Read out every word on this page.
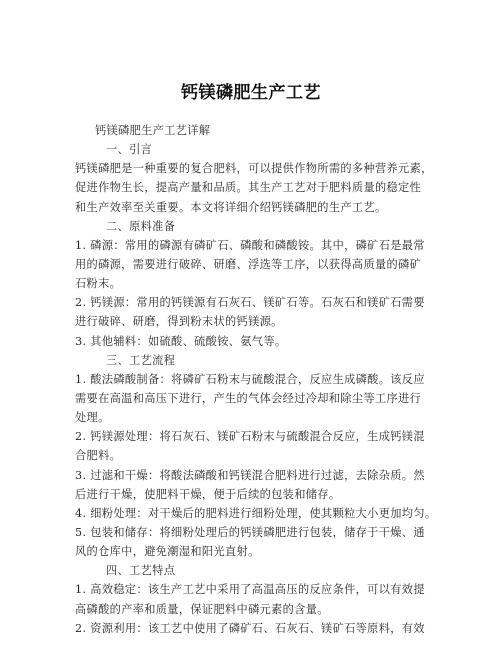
钙镁磷肥生产工艺
钙镁磷肥生产工艺详解
一、引言
钙镁磷肥是一种重要的复合肥料，可以提供作物所需的多种营养元素，
促进作物生长，提高产量和品质。其生产工艺对于肥料质量的稳定性
和生产效率至关重要。本文将详细介绍钙镁磷肥的生产工艺。
二、原料准备
1. 磷源：常用的磷源有磷矿石、磷酸和磷酸铵。其中，磷矿石是最常
用的磷源，需要进行破碎、研磨、浮选等工序，以获得高质量的磷矿
石粉末。
2. 钙镁源：常用的钙镁源有石灰石、镁矿石等。石灰石和镁矿石需要
进行破碎、研磨，得到粉末状的钙镁源。
3. 其他辅料：如硫酸、硫酸铵、氨气等。
三、工艺流程
1. 酸法磷酸制备：将磷矿石粉末与硫酸混合，反应生成磷酸。该反应
需要在高温和高压下进行，产生的气体会经过冷却和除尘等工序进行
处理。
2. 钙镁源处理：将石灰石、镁矿石粉末与硫酸混合反应，生成钙镁混
合肥料。
3. 过滤和干燥：将酸法磷酸和钙镁混合肥料进行过滤，去除杂质。然
后进行干燥，使肥料干燥，便于后续的包装和储存。
4. 细粉处理：对干燥后的肥料进行细粉处理，使其颗粒大小更加均匀。
5. 包装和储存：将细粉处理后的钙镁磷肥进行包装，储存于干燥、通
风的仓库中，避免潮湿和阳光直射。
四、工艺特点
1. 高效稳定：该生产工艺中采用了高温高压的反应条件，可以有效提
高磷酸的产率和质量，保证肥料中磷元素的含量。
2. 资源利用：该工艺中使用了磷矿石、石灰石、镁矿石等原料，有效
